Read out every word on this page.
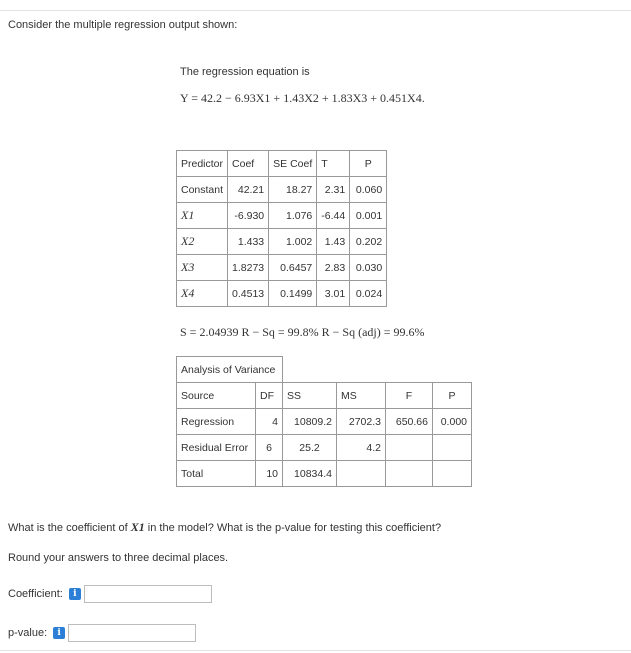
Consider the multiple regression output shown:
The regression equation is
Y = 42.2 − 6.93X1 + 1.43X2 + 1.83X3 + 0.451X4.
Predictor	Coef	SE Coef	T	P
Constant	42.21	18.27	2.31	0.060
X1	-6.930	1.076	-6.44	0.001
X2	1.433	1.002	1.43	0.202
X3	1.8273	0.6457	2.83	0.030
X4	0.4513	0.1499	3.01	0.024
S = 2.04939 R − Sq = 99.8% R − Sq (adj) = 99.6%
Analysis of Variance					
Source	DF	SS	MS	F	P
Regression	4	10809.2	2702.3	650.66	0.000
Residual Error	6	25.2	4.2		
Total	10	10834.4			
What is the coefficient of X1 in the model? What is the p-value for testing this coefficient?
Round your answers to three decimal places.
Coefficient:	i
p-value:	i
